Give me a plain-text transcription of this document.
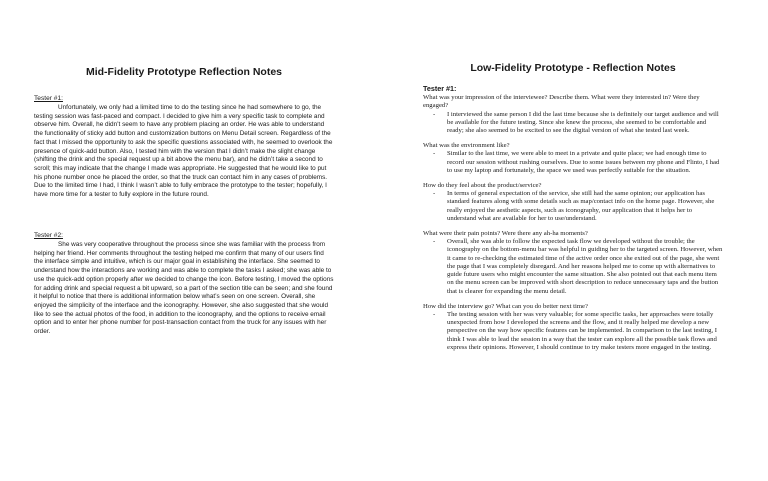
Mid-Fidelity Prototype Reflection Notes
Tester #1:
Unfortunately, we only had a limited time to do the testing since he had somewhere to go, the testing session was fast-paced and compact. I decided to give him a very specific task to complete and observe him. Overall, he didn’t seem to have any problem placing an order. He was able to understand the functionality of sticky add button and customization buttons on Menu Detail screen. Regardless of the fact that I missed the opportunity to ask the specific questions associated with, he seemed to overlook the presence of quick-add button. Also, I tested him with the version that I didn’t make the slight change (shifting the drink and the special request up a bit above the menu bar), and he didn’t take a second to scroll; this may indicate that the change I made was appropriate. He suggested that he would like to put his phone number once he placed the order, so that the truck can contact him in any cases of problems. Due to the limited time I had, I think I wasn’t able to fully embrace the prototype to the tester; hopefully, I have more time for a tester to fully explore in the future round.
Tester #2:
She was very cooperative throughout the process since she was familiar with the process from helping her friend. Her comments throughout the testing helped me confirm that many of our users find the interface simple and intuitive, which is our major goal in establishing the interface. She seemed to understand how the interactions are working and was able to complete the tasks I asked; she was able to use the quick-add option properly after we decided to change the icon. Before testing, I moved the options for adding drink and special request a bit upward, so a part of the section title can be seen; and she found it helpful to notice that there is additional information below what’s seen on one screen. Overall, she enjoyed the simplicity of the interface and the iconography. However, she also suggested that she would like to see the actual photos of the food, in addition to the iconography, and the options to receive email option and to enter her phone number for post-transaction contact from the truck for any issues with her order.
Low-Fidelity Prototype - Reflection Notes
Tester #1:
What was your impression of the interviewee? Describe them. What were they interested in? Were they engaged?
- I interviewed the same person I did the last time because she is definitely our target audience and will be available for the future testing. Since she knew the process, she seemed to be comfortable and ready; she also seemed to be excited to see the digital version of what she tested last week.
What was the environment like?
- Similar to the last time, we were able to meet in a private and quite place; we had enough time to record our session without rushing ourselves. Due to some issues between my phone and Flinto, I had to use my laptop and fortunately, the space we used was perfectly suitable for the situation.
How do they feel about the product/service?
- In terms of general expectation of the service, she still had the same opinion; our application has standard features along with some details such as map/contact info on the home page. However, she really enjoyed the aesthetic aspects, such as iconography, our application that it helps her to understand what are available for her to use/understand.
What were their pain points? Were there any ah-ha moments?
- Overall, she was able to follow the expected task flow we developed without the trouble; the iconography on the bottom-menu bar was helpful in guiding her to the targeted screen. However, when it came to re-checking the estimated time of the active order once she exited out of the page, she went the page that I was completely disregard. And her reasons helped me to come up with alternatives to guide future users who might encounter the same situation. She also pointed out that each menu item on the menu screen can be improved with short description to reduce unnecessary taps and the button that is clearer for expanding the menu detail.
How did the interview go? What can you do better next time?
- The testing session with her was very valuable; for some specific tasks, her approaches were totally unexpected from how I developed the screens and the flow, and it really helped me develop a new perspective on the way how specific features can be implemented. In comparison to the last testing, I think I was able to lead the session in a way that the tester can explore all the possible task flows and express their opinions. However, I should continue to try make testers more engaged in the testing.
